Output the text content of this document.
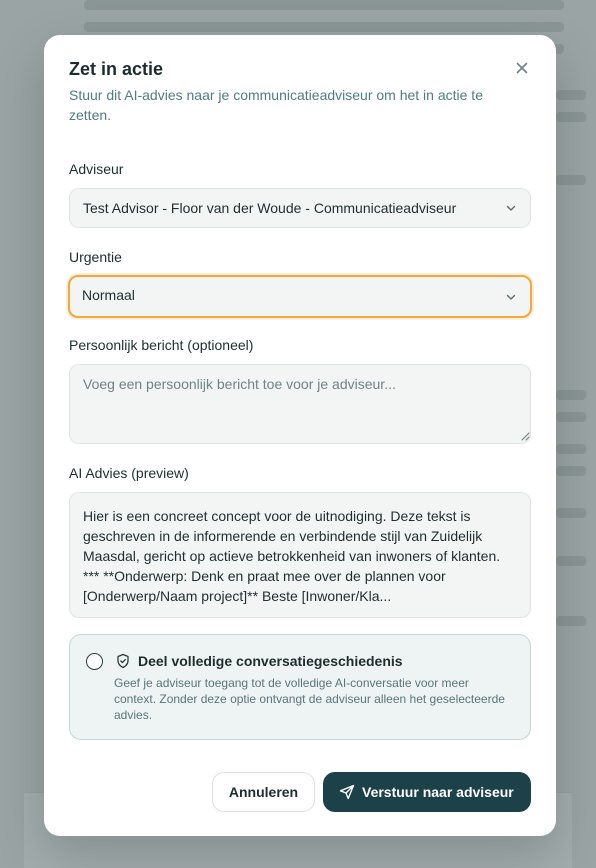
Zet in actie
Stuur dit AI-advies naar je communicatieadviseur om het in actie te zetten.
Adviseur
Test Advisor - Floor van der Woude - Communicatieadviseur
Urgentie
Normaal
Persoonlijk bericht (optioneel)
Voeg een persoonlijk bericht toe voor je adviseur...
AI Advies (preview)
Hier is een concreet concept voor de uitnodiging. Deze tekst is geschreven in de informerende en verbindende stijl van Zuidelijk Maasdal, gericht op actieve betrokkenheid van inwoners of klanten. *** **Onderwerp: Denk en praat mee over de plannen voor [Onderwerp/Naam project]** Beste [Inwoner/Kla...
Deel volledige conversatiegeschiedenis
Geef je adviseur toegang tot de volledige AI-conversatie voor meer context. Zonder deze optie ontvangt de adviseur alleen het geselecteerde advies.
Annuleren	Verstuur naar adviseur
